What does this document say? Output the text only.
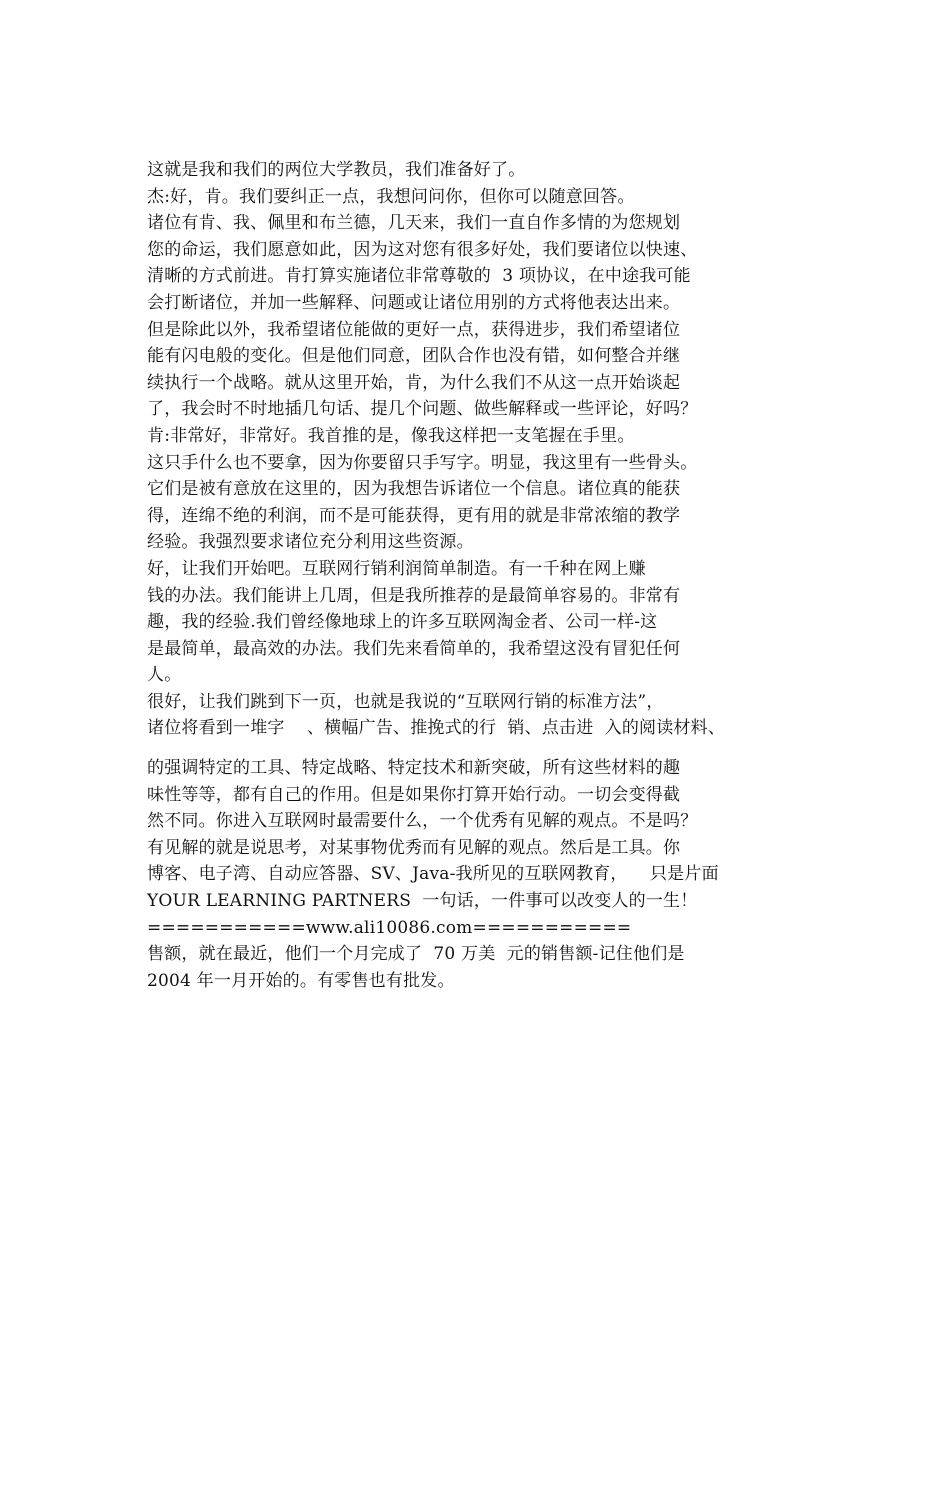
这就是我和我们的两位大学教员，我们准备好了。
杰:好，肯。我们要纠正一点，我想问问你，但你可以随意回答。
诸位有肯、我、佩里和布兰德，几天来，我们一直自作多情的为您规划
您的命运，我们愿意如此，因为这对您有很多好处，我们要诸位以快速、
清晰的方式前进。肯打算实施诸位非常尊敬的  3 项协议，在中途我可能
会打断诸位，并加一些解释、问题或让诸位用别的方式将他表达出来。
但是除此以外，我希望诸位能做的更好一点，获得进步，我们希望诸位
能有闪电般的变化。但是他们同意，团队合作也没有错，如何整合并继
续执行一个战略。就从这里开始，肯，为什么我们不从这一点开始谈起
了，我会时不时地插几句话、提几个问题、做些解释或一些评论，好吗？
肯:非常好，非常好。我首推的是，像我这样把一支笔握在手里。
这只手什么也不要拿，因为你要留只手写字。明显，我这里有一些骨头。
它们是被有意放在这里的，因为我想告诉诸位一个信息。诸位真的能获
得，连绵不绝的利润，而不是可能获得，更有用的就是非常浓缩的教学
经验。我强烈要求诸位充分利用这些资源。
好，让我们开始吧。互联网行销利润简单制造。有一千种在网上赚
钱的办法。我们能讲上几周，但是我所推荐的是最简单容易的。非常有
趣，我的经验.我们曾经像地球上的许多互联网淘金者、公司一样-这
是最简单，最高效的办法。我们先来看简单的，我希望这没有冒犯任何
人。
很好，让我们跳到下一页，也就是我说的“互联网行销的标准方法”，
诸位将看到一堆字    、横幅广告、推挽式的行  销、点击进  入的阅读材料、
的强调特定的工具、特定战略、特定技术和新突破，所有这些材料的趣
味性等等，都有自己的作用。但是如果你打算开始行动。一切会变得截
然不同。你进入互联网时最需要什么，一个优秀有见解的观点。不是吗？
有见解的就是说思考，对某事物优秀而有见解的观点。然后是工具。你
博客、电子湾、自动应答器、SV、Java-我所见的互联网教育，    只是片面
YOUR LEARNING PARTNERS  一句话，一件事可以改变人的一生！
===========www.ali10086.com===========
售额，就在最近，他们一个月完成了  70 万美  元的销售额-记住他们是
2004 年一月开始的。有零售也有批发。
